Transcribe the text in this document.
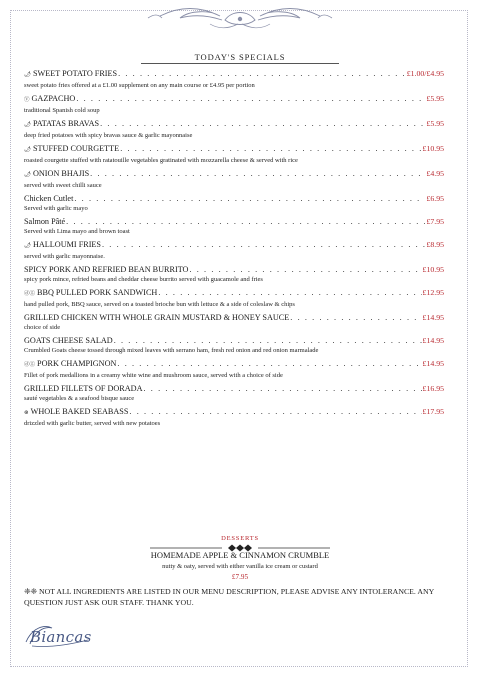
TODAY'S SPECIALS
🌶 SWEET POTATO FRIES . . .	£1.00/£4.95
sweet potato fries offered at a £1.00 supplement on any main course or £4.95 per portion
Ⓥ GAZPACHO . . .	£5.95
traditional Spanish cold soup
🌶 PATATAS BRAVAS . . .	£5.95
deep fried potatoes with spicy bravas sauce & garlic mayonnaise
🌶 STUFFED COURGETTE . . .	£10.95
roasted courgette stuffed with ratatouille vegetables gratinated with mozzarella cheese & served with rice
🌶 ONION BHAJIS . . .	£4.95
served with sweet chilli sauce
Chicken Cutlet . . .	£6.95
Served with garlic mayo
Salmon Pâté . . .	£7.95
Served with Lima mayo and brown toast
🌶 HALLOUMI FRIES . . .	£8.95
served with garlic mayonnaise.
SPICY PORK AND REFRIED BEAN BURRITO . . .	£10.95
spicy pork mince, refried beans and cheddar cheese burrito served with guacamole and fries
ⓓⓖ BBQ PULLED PORK SANDWICH . . .	£12.95
hand pulled pork, BBQ sauce, served on a toasted brioche bun with lettuce & a side of coleslaw & chips
GRILLED CHICKEN WITH WHOLE GRAIN MUSTARD & HONEY SAUCE . . .	£14.95
choice of side
GOATS CHEESE SALAD . . .	£14.95
Crumbled Goats cheese tossed through mixed leaves with serrano ham, fresh red onion and red onion marmalade
ⓓⓖ PORK CHAMPIGNON . . .	£14.95
Fillet of pork medallions in a creamy white wine and mushroom sauce, served with a choice of side
GRILLED FILLETS OF DORADA . . .	£16.95
sauté vegetables & a seafood bisque sauce
⊛ WHOLE BAKED SEABASS . . .	£17.95
drizzled with garlic butter, served with new potatoes
DESSERTS
HOMEMADE APPLE & CINNAMON CRUMBLE
nutty & oaty, served with either vanilla ice cream or custard
£7.95
❈❈ NOT ALL INGREDIENTS ARE LISTED IN OUR MENU DESCRIPTION, PLEASE ADVISE ANY INTOLERANCE. ANY QUESTION JUST ASK OUR STAFF. THANK YOU.
Biancas
